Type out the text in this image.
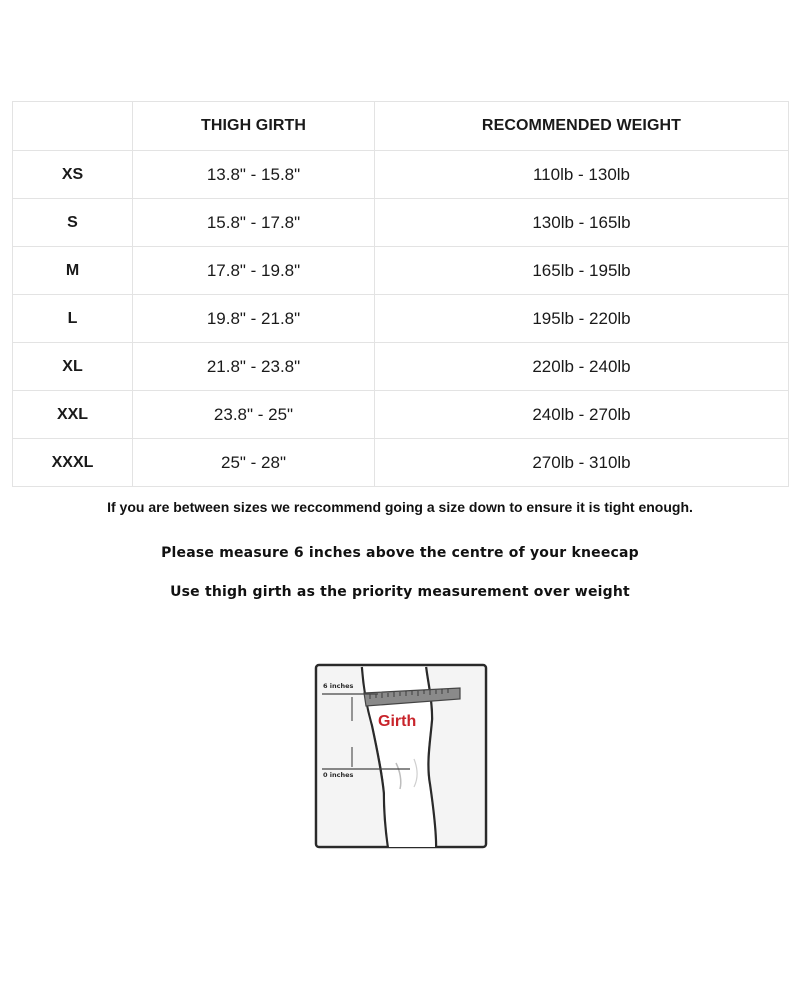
	THIGH GIRTH	RECOMMENDED WEIGHT
XS	13.8" - 15.8"	110lb - 130lb
S	15.8" - 17.8"	130lb - 165lb
M	17.8" - 19.8"	165lb - 195lb
L	19.8" - 21.8"	195lb - 220lb
XL	21.8" - 23.8"	220lb - 240lb
XXL	23.8" - 25"	240lb - 270lb
XXXL	25" - 28"	270lb - 310lb

If you are between sizes we reccommend going a size down to ensure it is tight enough.

Please measure 6 inches above the centre of your kneecap

Use thigh girth as the priority measurement over weight

6 inches
0 inches
Girth
